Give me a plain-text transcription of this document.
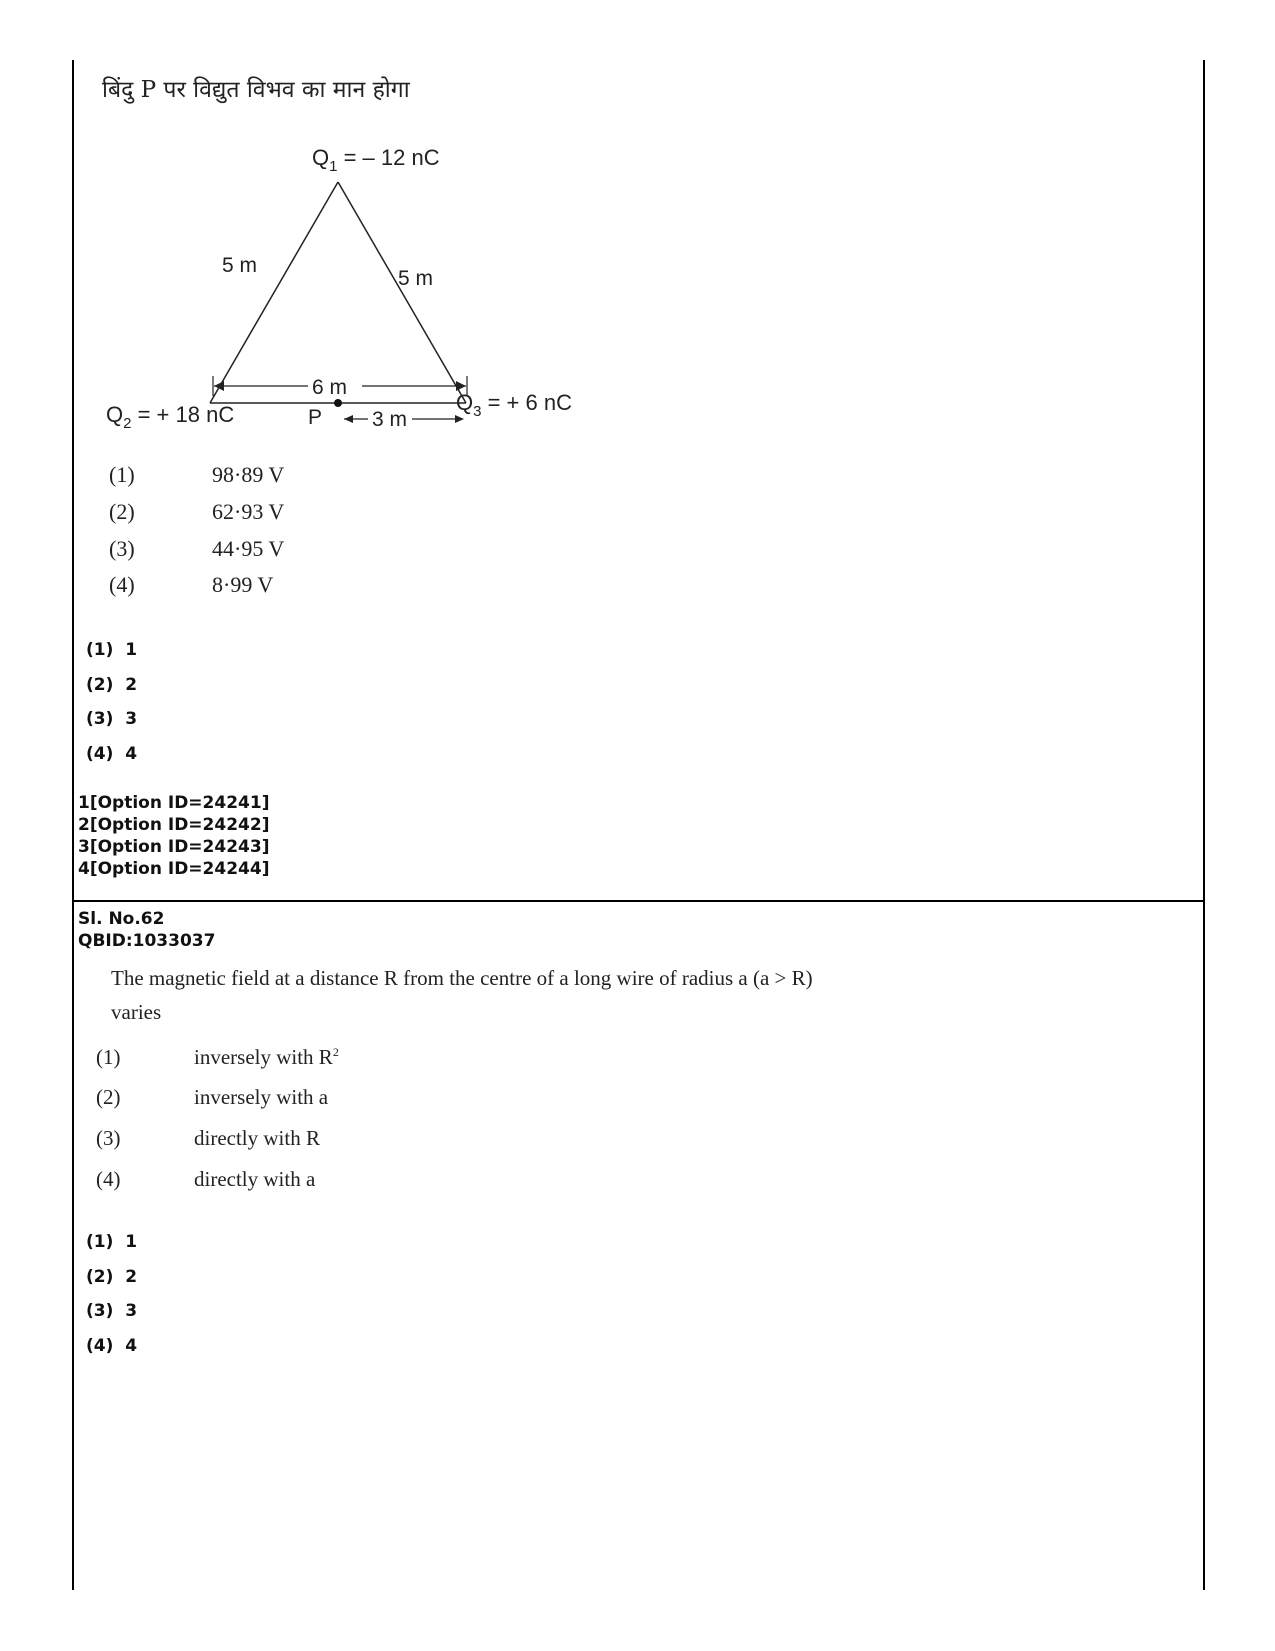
बिंदु P पर विद्युत विभव का मान होगा
$Q_1$ = – 12 nC
5 m
5 m
6 m
$Q_2$ = + 18 nC	P 3 m
$Q_3$ = + 6 nC
(1)	98·89 V
(2)	62·93 V
(3)	44·95 V
(4)	8·99 V
(1) 1
(2) 2
(3) 3
(4) 4
1[Option ID=24241]
2[Option ID=24242]
3[Option ID=24243]
4[Option ID=24244]
Sl. No.62
QBID:1033037
The magnetic field at a distance R from the centre of a long wire of radius a (a > R)
varies
(1)	inversely with $R^2$
(2)	inversely with a
(3)	directly with R
(4)	directly with a
(1) 1
(2) 2
(3) 3
(4) 4
